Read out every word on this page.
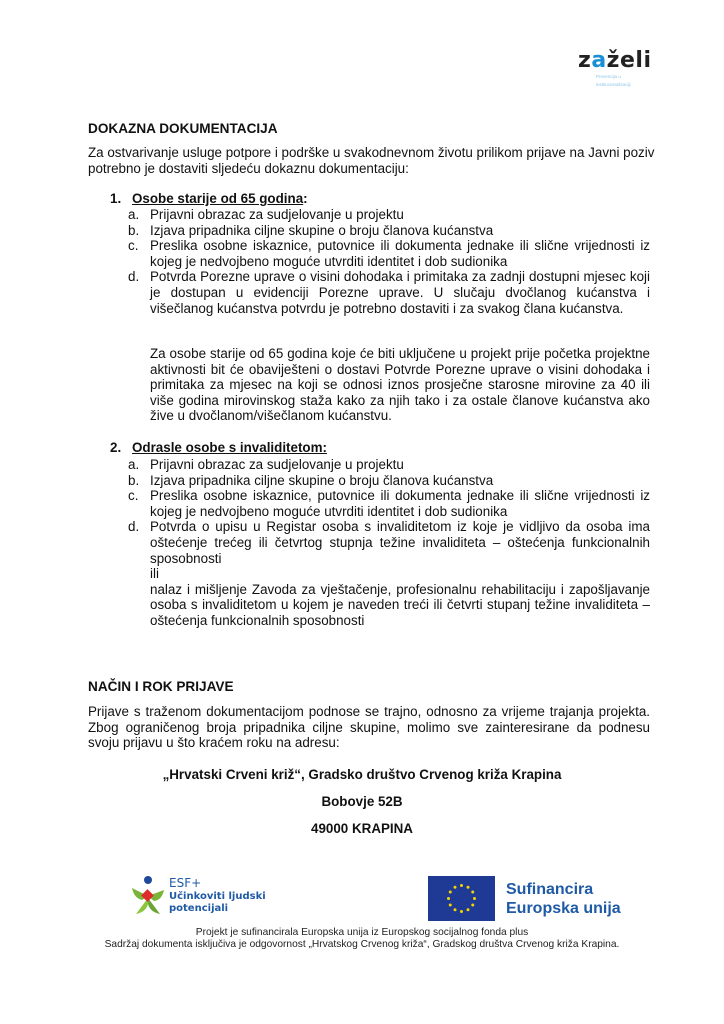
zaželi
Prevencija u
institucionalizaciji
DOKAZNA DOKUMENTACIJA

Za ostvarivanje usluge potpore i podrške u svakodnevnom životu prilikom prijave na Javni poziv

potrebno je dostaviti sljedeću dokaznu dokumentaciju:

1. Osobe starije od 65 godina:
a. Prijavni obrazac za sudjelovanje u projektu
b. Izjava pripadnika ciljne skupine o broju članova kućanstva
c. Preslika osobne iskaznice, putovnice ili dokumenta jednake ili slične vrijednosti iz kojeg je nedvojbeno moguće utvrditi identitet i dob sudionika
d. Potvrda Porezne uprave o visini dohodaka i primitaka za zadnji dostupni mjesec koji je dostupan u evidenciji Porezne uprave. U slučaju dvočlanog kućanstva i višečlanog kućanstva potvrdu je potrebno dostaviti i za svakog člana kućanstva.
Za osobe starije od 65 godina koje će biti uključene u projekt prije početka projektne aktivnosti bit će obaviješteni o dostavi Potvrde Porezne uprave o visini dohodaka i primitaka za mjesec na koji se odnosi iznos prosječne starosne mirovine za 40 ili više godina mirovinskog staža kako za njih tako i za ostale članove kućanstva ako žive u dvočlanom/višečlanom kućanstvu.
2. Odrasle osobe s invaliditetom:
a. Prijavni obrazac za sudjelovanje u projektu
b. Izjava pripadnika ciljne skupine o broju članova kućanstva
c. Preslika osobne iskaznice, putovnice ili dokumenta jednake ili slične vrijednosti iz kojeg je nedvojbeno moguće utvrditi identitet i dob sudionika
d. Potvrda o upisu u Registar osoba s invaliditetom iz koje je vidljivo da osoba ima oštećenje trećeg ili četvrtog stupnja težine invaliditeta – oštećenja funkcionalnih sposobnosti
ili
nalaz i mišljenje Zavoda za vještačenje, profesionalnu rehabilitaciju i zapošljavanje osoba s invaliditetom u kojem je naveden treći ili četvrti stupanj težine invaliditeta – oštećenja funkcionalnih sposobnosti
NAČIN I ROK PRIJAVE
Prijave s traženom dokumentacijom podnose se trajno, odnosno za vrijeme trajanja projekta. Zbog ograničenog broja pripadnika ciljne skupine, molimo sve zainteresirane da podnesu svoju prijavu u što kraćem roku na adresu:
„Hrvatski Crveni križ“, Gradsko društvo Crvenog križa Krapina
Bobovje 52B
49000 KRAPINA
ESF+
Učinkoviti ljudski potencijali
Sufinancira
Europska unija
Projekt je sufinancirala Europska unija iz Europskog socijalnog fonda plus
Sadržaj dokumenta isključiva je odgovornost „Hrvatskog Crvenog križa“, Gradskog društva Crvenog križa Krapina.
